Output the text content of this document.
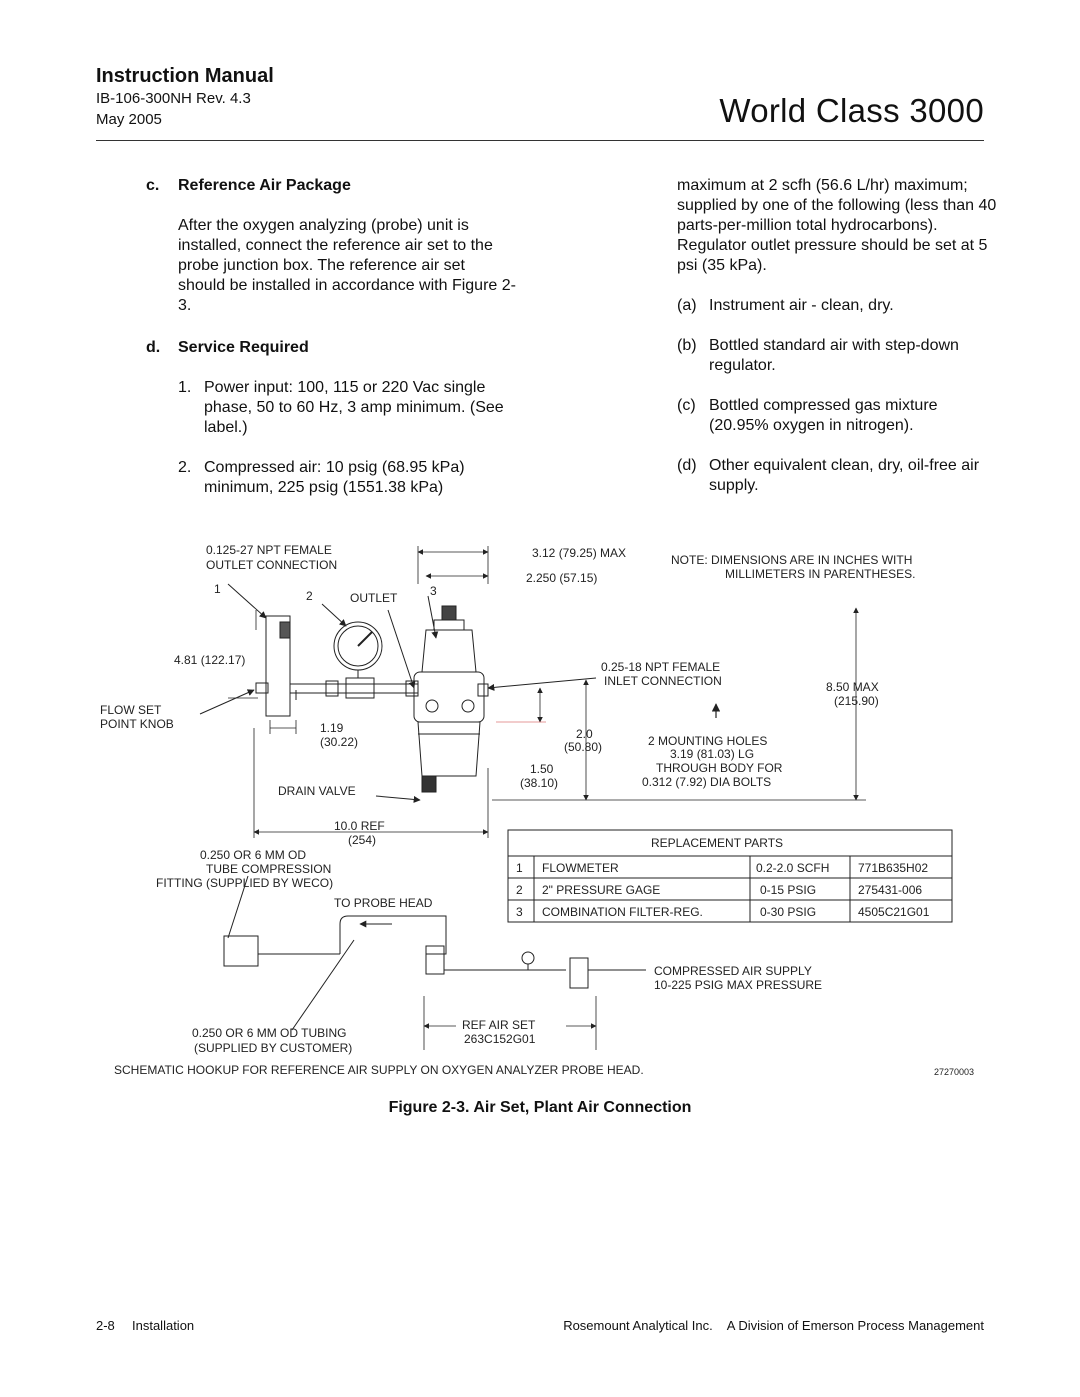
Instruction Manual
IB-106-300NH Rev. 4.3
May 2005	World Class 3000
c. Reference Air Package
After the oxygen analyzing (probe) unit is installed, connect the reference air set to the probe junction box. The reference air set should be installed in accordance with Figure 2-3.
d. Service Required
1. Power input: 100, 115 or 220 Vac single phase, 50 to 60 Hz, 3 amp minimum. (See label.)
2. Compressed air: 10 psig (68.95 kPa) minimum, 225 psig (1551.38 kPa)
maximum at 2 scfh (56.6 L/hr) maximum; supplied by one of the following (less than 40 parts-per-million total hydrocarbons). Regulator outlet pressure should be set at 5 psi (35 kPa).
(a) Instrument air - clean, dry.
(b) Bottled standard air with step-down regulator.
(c) Bottled compressed gas mixture (20.95% oxygen in nitrogen).
(d) Other equivalent clean, dry, oil-free air supply.
0.125-27 NPT FEMALE
OUTLET CONNECTION
1	2	OUTLET	3
3.12 (79.25) MAX
2.250 (57.15)
NOTE: DIMENSIONS ARE IN INCHES WITH
MILLIMETERS IN PARENTHESES.
4.81 (122.17)	0.25-18 NPT FEMALE
INLET CONNECTION	8.50 MAX
(215.90)
FLOW SET
POINT KNOB	1.19
(30.22)
2.0
(50.80)	2 MOUNTING HOLES
3.19 (81.03) LG
THROUGH BODY FOR
0.312 (7.92) DIA BOLTS
1.50
(38.10)
DRAIN VALVE
10.0 REF
(254)
0.250 OR 6 MM OD
TUBE COMPRESSION
FITTING (SUPPLIED BY WECO)
TO PROBE HEAD
REPLACEMENT PARTS
1 FLOWMETER	0.2-2.0 SCFH 771B635H02
2 2" PRESSURE GAGE	0-15 PSIG	275431-006
3 COMBINATION FILTER-REG.	0-30 PSIG	4505C21G01
COMPRESSED AIR SUPPLY
10-225 PSIG MAX PRESSURE
REF AIR SET
263C152G01
0.250 OR 6 MM OD TUBING
(SUPPLIED BY CUSTOMER)
SCHEMATIC HOOKUP FOR REFERENCE AIR SUPPLY ON OXYGEN ANALYZER PROBE HEAD.	27270003
Figure 2-3. Air Set, Plant Air Connection
2-8 Installation	Rosemount Analytical Inc. A Division of Emerson Process Management
